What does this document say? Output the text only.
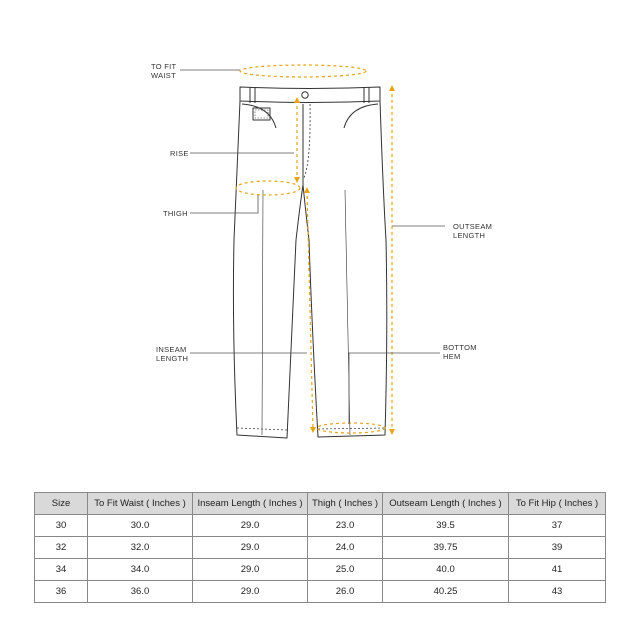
TO FIT
WAIST
RISE
THIGH
INSEAM
LENGTH
OUTSEAM
LENGTH
BOTTOM
HEM
Size	To Fit Waist ( Inches )	Inseam Length ( Inches )	Thigh ( Inches )	Outseam Length ( Inches )	To Fit Hip ( Inches )
30	30.0	29.0	23.0	39.5	37
32	32.0	29.0	24.0	39.75	39
34	34.0	29.0	25.0	40.0	41
36	36.0	29.0	26.0	40.25	43
